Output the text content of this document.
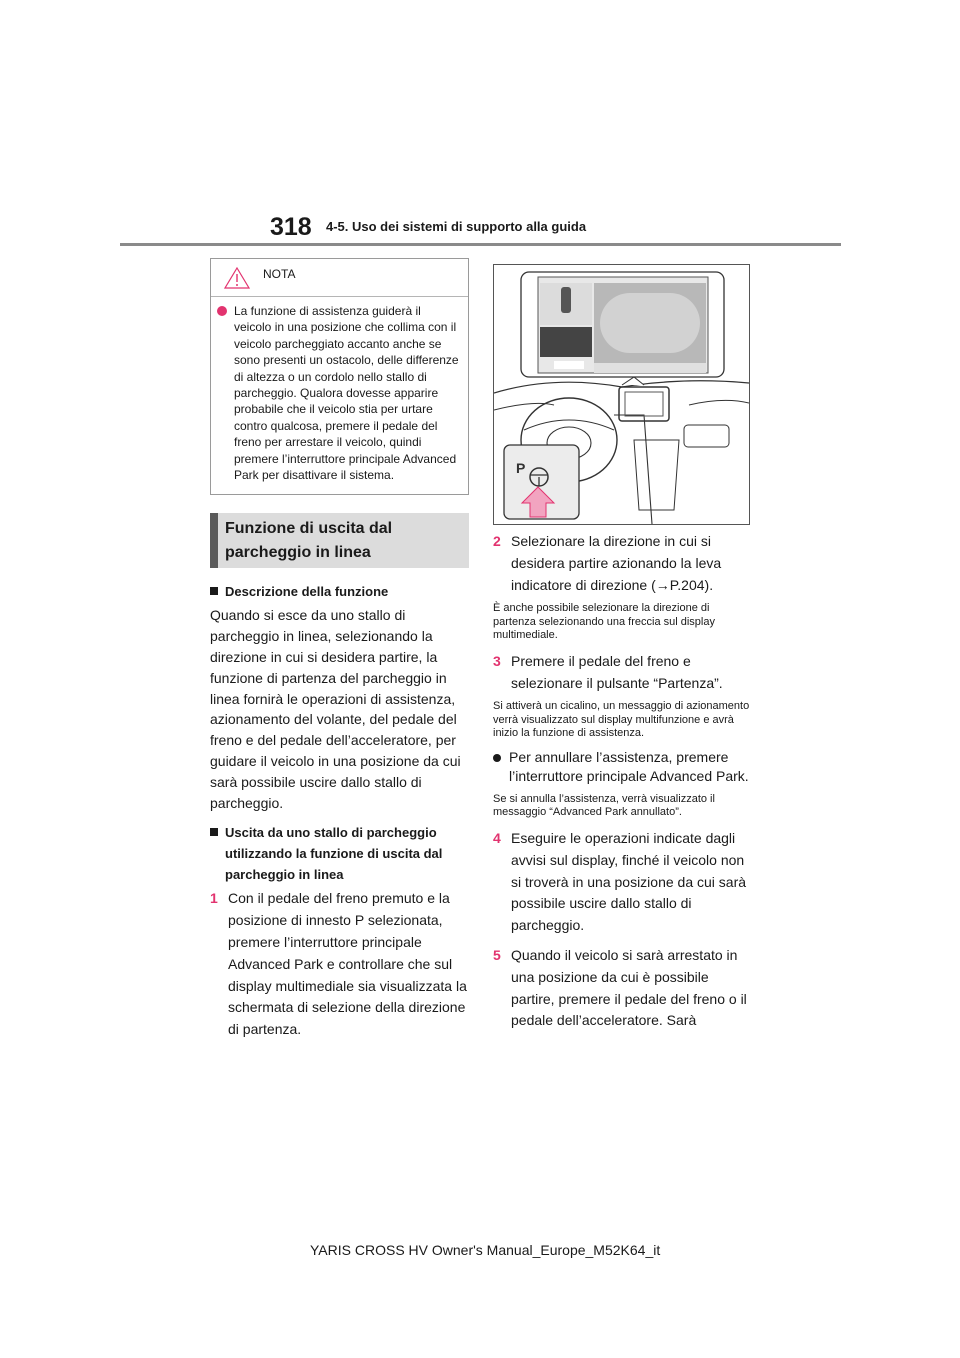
318 4-5. Uso dei sistemi di supporto alla guida
NOTA

La funzione di assistenza guiderà il veicolo in una posizione che collima con il veicolo parcheggiato accanto anche se sono presenti un ostacolo, delle differenze di altezza o un cordolo nello stallo di parcheggio. Qualora dovesse apparire probabile che il veicolo stia per urtare contro qualcosa, premere il pedale del freno per arrestare il veicolo, quindi premere l’interruttore principale Advanced Park per disattivare il sistema.

Funzione di uscita dal parcheggio in linea

Descrizione della funzione

Quando si esce da uno stallo di parcheggio in linea, selezionando la direzione in cui si desidera partire, la funzione di partenza del parcheggio in linea fornirà le operazioni di assistenza, azionamento del volante, del pedale del freno e del pedale dell’acceleratore, per guidare il veicolo in una posizione da cui sarà possibile uscire dallo stallo di parcheggio.

Uscita da uno stallo di parcheggio utilizzando la funzione di uscita dal parcheggio in linea
1 Con il pedale del freno premuto e la posizione di innesto P selezionata, premere l’interruttore principale Advanced Park e controllare che sul display multimediale sia visualizzata la schermata di selezione della direzione di partenza.
P
2 Selezionare la direzione in cui si desidera partire azionando la leva indicatore di direzione (→P.204).

È anche possibile selezionare la direzione di partenza selezionando una freccia sul display multimediale.

3 Premere il pedale del freno e selezionare il pulsante “Partenza”.

Si attiverà un cicalino, un messaggio di azionamento verrà visualizzato sul display multifunzione e avrà inizio la funzione di assistenza.

Per annullare l’assistenza, premere l’interruttore principale Advanced Park.

Se si annulla l’assistenza, verrà visualizzato il messaggio “Advanced Park annullato”.

4 Eseguire le operazioni indicate dagli avvisi sul display, finché il veicolo non si troverà in una posizione da cui sarà possibile uscire dallo stallo di parcheggio.
5 Quando il veicolo si sarà arrestato in una posizione da cui è possibile partire, premere il pedale del freno o il pedale dell’acceleratore. Sarà
YARIS CROSS HV Owner's Manual_Europe_M52K64_it
